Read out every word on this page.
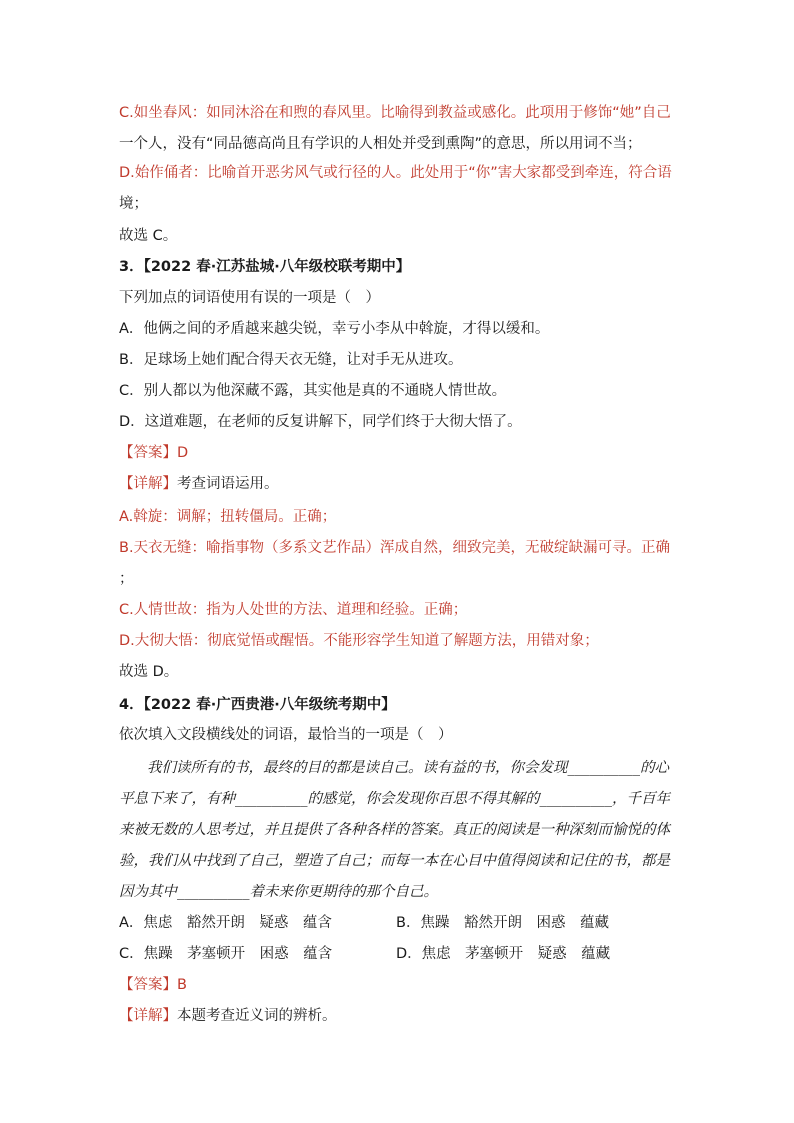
C.如坐春风：如同沐浴在和煦的春风里。比喻得到教益或感化。此项用于修饰“她”自己
一个人，没有“同品德高尚且有学识的人相处并受到熏陶”的意思，所以用词不当；
D.始作俑者：比喻首开恶劣风气或行径的人。此处用于“你”害大家都受到牵连，符合语
境；
故选 C。
3．【2022 春·江苏盐城·八年级校联考期中】
下列加点的词语使用有误的一项是（　）
A．他俩之间的矛盾越来越尖锐，幸亏小李从中斡旋，才得以缓和。
B．足球场上她们配合得天衣无缝，让对手无从进攻。
C．别人都以为他深藏不露，其实他是真的不通晓人情世故。
D．这道难题，在老师的反复讲解下，同学们终于大彻大悟了。
【答案】D
【详解】考查词语运用。
A.斡旋：调解；扭转僵局。正确；
B.天衣无缝：喻指事物（多系文艺作品）浑成自然，细致完美，无破绽缺漏可寻。正确
；
C.人情世故：指为人处世的方法、道理和经验。正确；
D.大彻大悟：彻底觉悟或醒悟。不能形容学生知道了解题方法，用错对象；
故选 D。
4．【2022 春·广西贵港·八年级统考期中】
依次填入文段横线处的词语，最恰当的一项是（　）
我们读所有的书，最终的目的都是读自己。读有益的书，你会发现__________的心
平息下来了，有种__________的感觉，你会发现你百思不得其解的__________，千百年
来被无数的人思考过，并且提供了各种各样的答案。真正的阅读是一种深刻而愉悦的体
验，我们从中找到了自己，塑造了自己；而每一本在心目中值得阅读和记住的书，都是
因为其中__________着未来你更期待的那个自己。
A．焦虑　豁然开朗　疑惑　蕴含	B．焦躁　豁然开朗　困惑　蕴藏
C．焦躁　茅塞顿开　困惑　蕴含	D．焦虑　茅塞顿开　疑惑　蕴藏
【答案】B
【详解】本题考查近义词的辨析。
